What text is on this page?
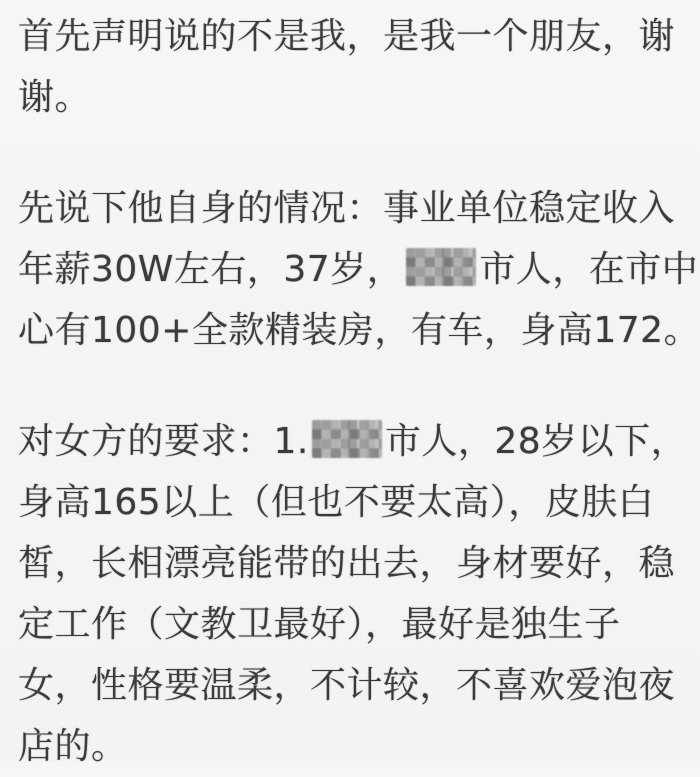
首先声明说的不是我，是我一个朋友，谢
谢。
先说下他自身的情况：事业单位稳定收入
年薪30W左右，37岁， 市人，在市中
心有100+全款精装房，有车，身高172。
对女方的要求：1. 市人，28岁以下，
身高165以上（但也不要太高），皮肤白
皙，长相漂亮能带的出去，身材要好，稳
定工作（文教卫最好），最好是独生子
女，性格要温柔，不计较，不喜欢爱泡夜
店的。
